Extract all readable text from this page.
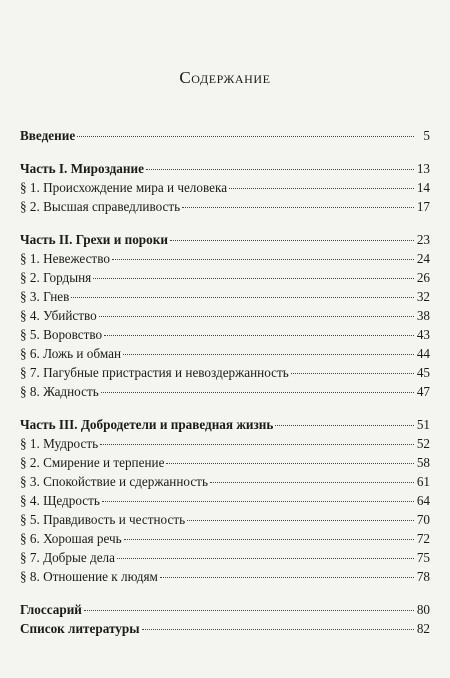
Содержание
Введение	5
Часть I. Мироздание	13
§ 1. Происхождение мира и человека	14
§ 2. Высшая справедливость	17
Часть II. Грехи и пороки	23
§ 1. Невежество	24
§ 2. Гордыня	26
§ 3. Гнев	32
§ 4. Убийство	38
§ 5. Воровство	43
§ 6. Ложь и обман	44
§ 7. Пагубные пристрастия и невоздержанность	45
§ 8. Жадность	47
Часть III. Добродетели и праведная жизнь	51
§ 1. Мудрость	52
§ 2. Смирение и терпение	58
§ 3. Спокойствие и сдержанность	61
§ 4. Щедрость	64
§ 5. Правдивость и честность	70
§ 6. Хорошая речь	72
§ 7. Добрые дела	75
§ 8. Отношение к людям	78
Глоссарий	80
Список литературы	82
